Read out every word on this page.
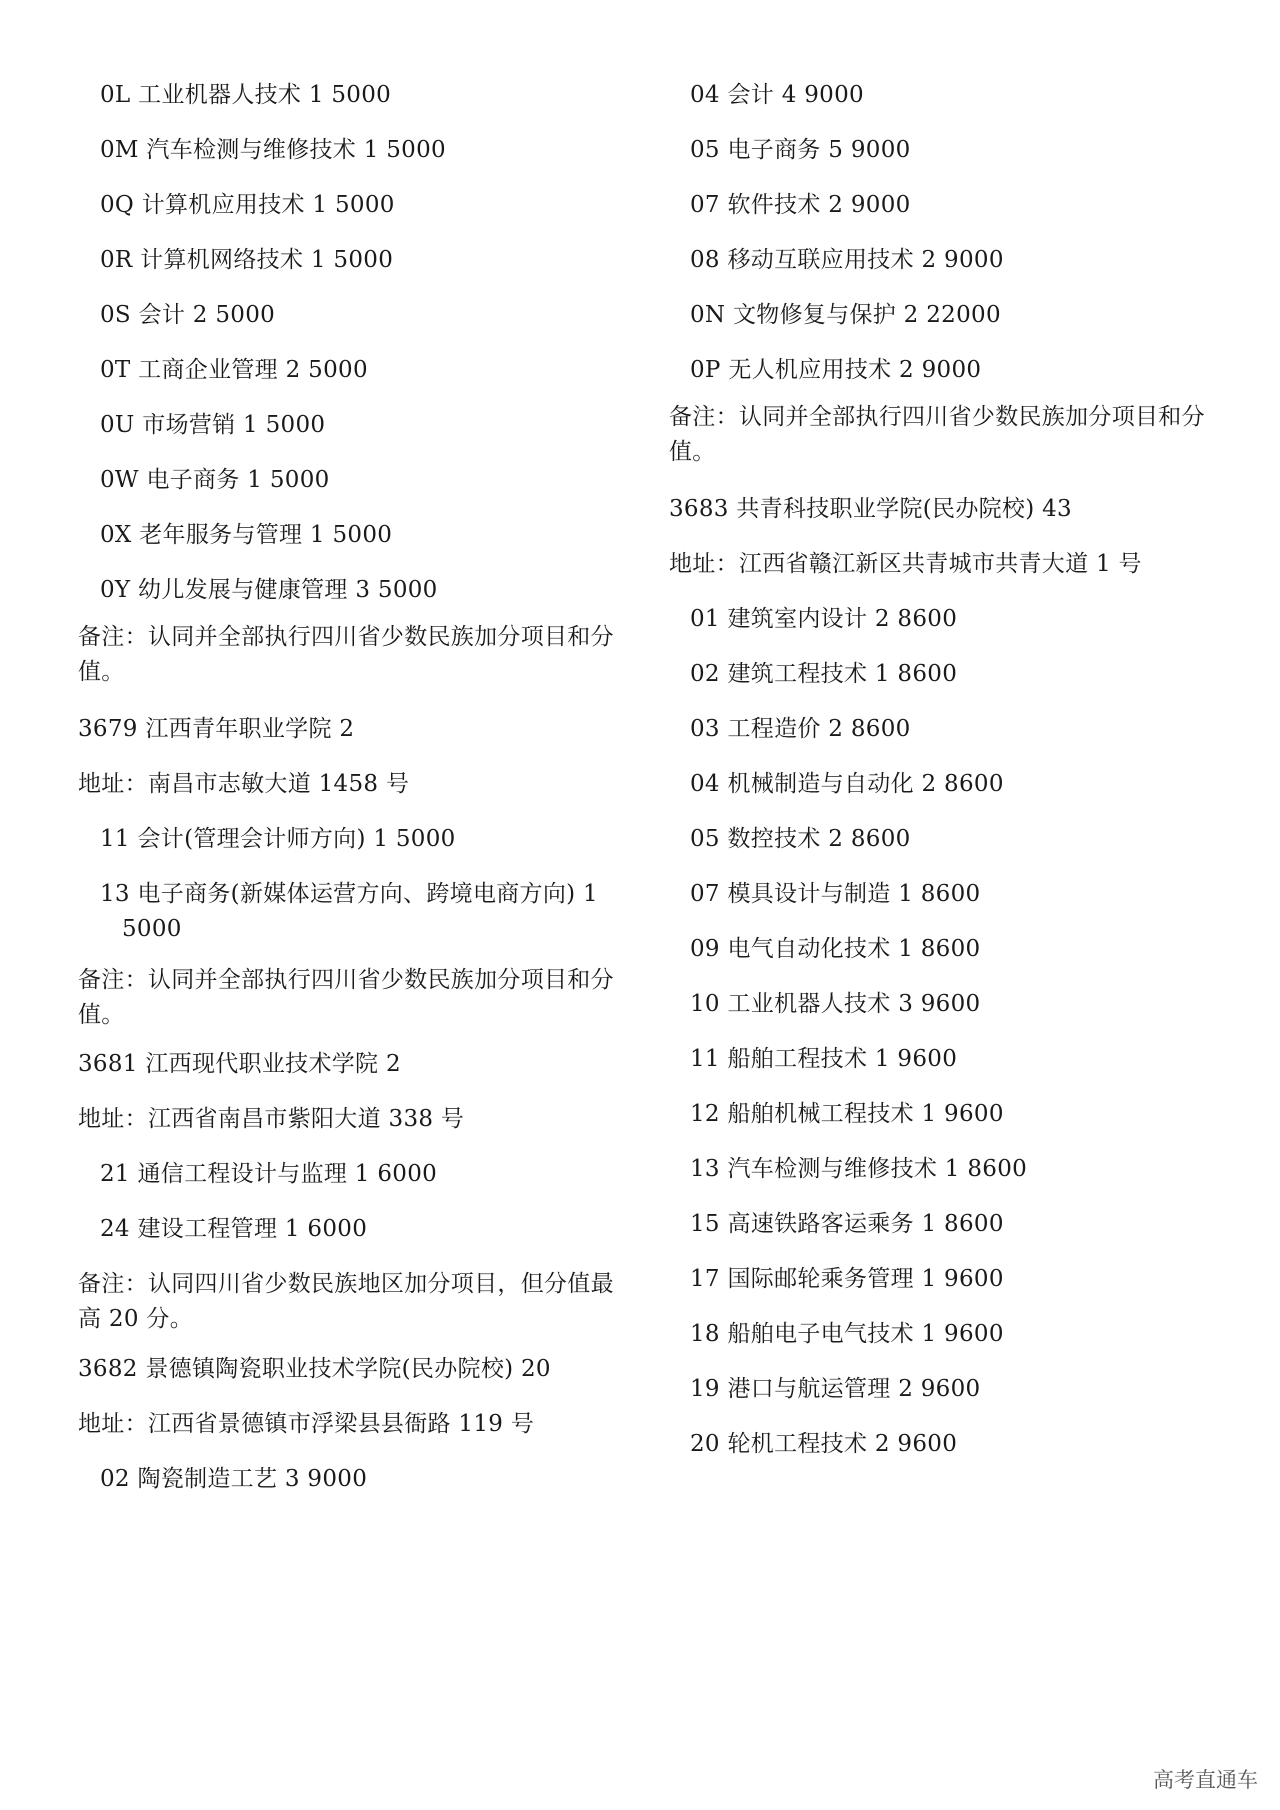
0L 工业机器人技术 1 5000
0M 汽车检测与维修技术 1 5000
0Q 计算机应用技术 1 5000
0R 计算机网络技术 1 5000
0S 会计 2 5000
0T 工商企业管理 2 5000
0U 市场营销 1 5000
0W 电子商务 1 5000
0X 老年服务与管理 1 5000
0Y 幼儿发展与健康管理 3 5000
备注：认同并全部执行四川省少数民族加分项目和分值。
3679 江西青年职业学院 2
地址：南昌市志敏大道 1458 号
11 会计(管理会计师方向) 1 5000
13 电子商务(新媒体运营方向、跨境电商方向) 1
5000
备注：认同并全部执行四川省少数民族加分项目和分值。
3681 江西现代职业技术学院 2
地址：江西省南昌市紫阳大道 338 号
21 通信工程设计与监理 1 6000
24 建设工程管理 1 6000
备注：认同四川省少数民族地区加分项目，但分值最高 20 分。
3682 景德镇陶瓷职业技术学院(民办院校) 20
地址：江西省景德镇市浮梁县县衙路 119 号
02 陶瓷制造工艺 3 9000
04 会计 4 9000
05 电子商务 5 9000
07 软件技术 2 9000
08 移动互联应用技术 2 9000
0N 文物修复与保护 2 22000
0P 无人机应用技术 2 9000
备注：认同并全部执行四川省少数民族加分项目和分值。
3683 共青科技职业学院(民办院校) 43
地址：江西省赣江新区共青城市共青大道 1 号
01 建筑室内设计 2 8600
02 建筑工程技术 1 8600
03 工程造价 2 8600
04 机械制造与自动化 2 8600
05 数控技术 2 8600
07 模具设计与制造 1 8600
09 电气自动化技术 1 8600
10 工业机器人技术 3 9600
11 船舶工程技术 1 9600
12 船舶机械工程技术 1 9600
13 汽车检测与维修技术 1 8600
15 高速铁路客运乘务 1 8600
17 国际邮轮乘务管理 1 9600
18 船舶电子电气技术 1 9600
19 港口与航运管理 2 9600
20 轮机工程技术 2 9600
高考直通车
